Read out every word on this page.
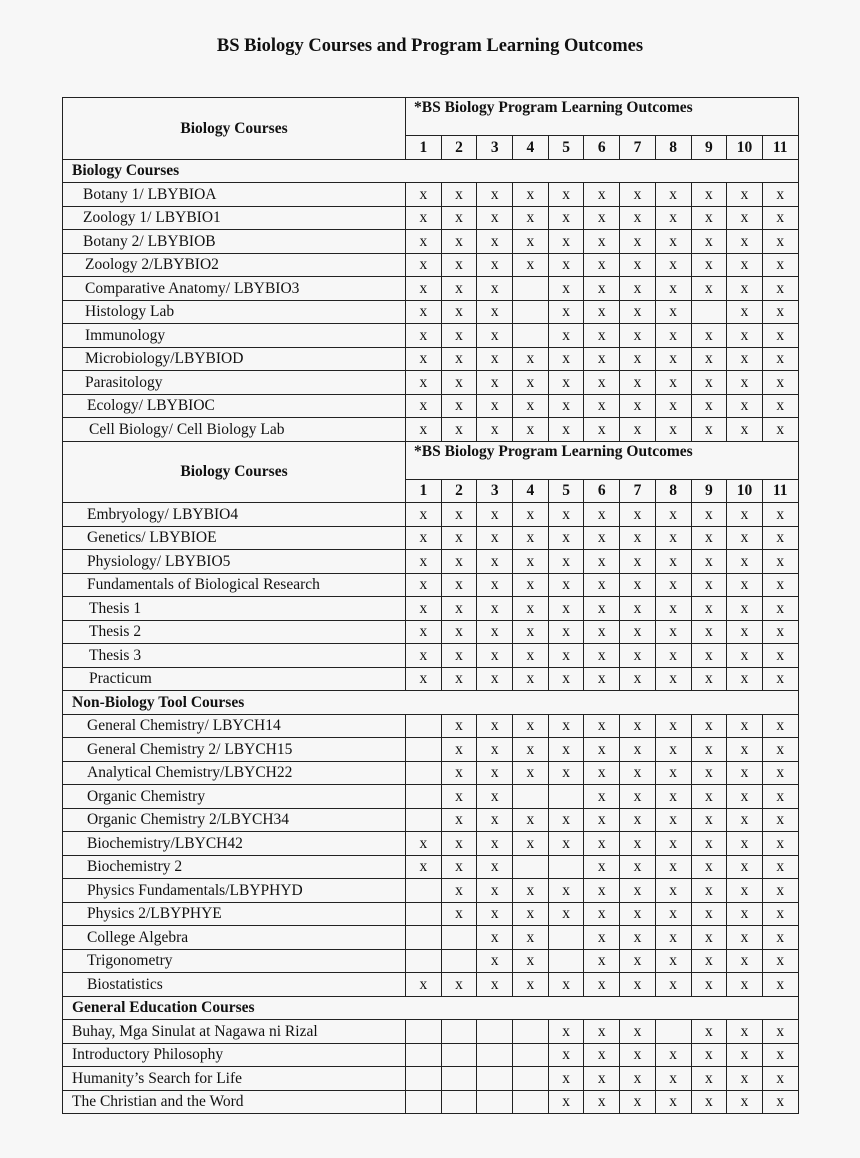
BS Biology Courses and Program Learning Outcomes
Biology Courses	*BS Biology Program Learning Outcomes										
	1	2	3	4	5	6	7	8	9	10	11
Biology Courses											
Botany 1/ LBYBIOA	x	x	x	x	x	x	x	x	x	x	x
Zoology 1/ LBYBIO1	x	x	x	x	x	x	x	x	x	x	x
Botany 2/ LBYBIOB	x	x	x	x	x	x	x	x	x	x	x
Zoology 2/LBYBIO2	x	x	x	x	x	x	x	x	x	x	x
Comparative Anatomy/ LBYBIO3	x	x	x		x	x	x	x	x	x	x
Histology Lab	x	x	x		x	x	x	x		x	x
Immunology	x	x	x		x	x	x	x	x	x	x
Microbiology/LBYBIOD	x	x	x	x	x	x	x	x	x	x	x
Parasitology	x	x	x	x	x	x	x	x	x	x	x
Ecology/ LBYBIOC	x	x	x	x	x	x	x	x	x	x	x
Cell Biology/ Cell Biology Lab	x	x	x	x	x	x	x	x	x	x	x
Biology Courses	*BS Biology Program Learning Outcomes										
	1	2	3	4	5	6	7	8	9	10	11
Embryology/ LBYBIO4	x	x	x	x	x	x	x	x	x	x	x
Genetics/ LBYBIOE	x	x	x	x	x	x	x	x	x	x	x
Physiology/ LBYBIO5	x	x	x	x	x	x	x	x	x	x	x
Fundamentals of Biological Research	x	x	x	x	x	x	x	x	x	x	x
Thesis 1	x	x	x	x	x	x	x	x	x	x	x
Thesis 2	x	x	x	x	x	x	x	x	x	x	x
Thesis 3	x	x	x	x	x	x	x	x	x	x	x
Practicum	x	x	x	x	x	x	x	x	x	x	x
Non-Biology Tool Courses											
General Chemistry/ LBYCH14		x	x	x	x	x	x	x	x	x	x
General Chemistry 2/ LBYCH15		x	x	x	x	x	x	x	x	x	x
Analytical Chemistry/LBYCH22		x	x	x	x	x	x	x	x	x	x
Organic Chemistry		x	x			x	x	x	x	x	x
Organic Chemistry 2/LBYCH34		x	x	x	x	x	x	x	x	x	x
Biochemistry/LBYCH42	x	x	x	x	x	x	x	x	x	x	x
Biochemistry 2	x	x	x			x	x	x	x	x	x
Physics Fundamentals/LBYPHYD		x	x	x	x	x	x	x	x	x	x
Physics 2/LBYPHYE		x	x	x	x	x	x	x	x	x	x
College Algebra			x	x		x	x	x	x	x	x
Trigonometry			x	x		x	x	x	x	x	x
Biostatistics	x	x	x	x	x	x	x	x	x	x	x
General Education Courses											
Buhay, Mga Sinulat at Nagawa ni Rizal					x	x	x		x	x	x
Introductory Philosophy					x	x	x	x	x	x	x
Humanity’s Search for Life					x	x	x	x	x	x	x
The Christian and the Word					x	x	x	x	x	x	x
